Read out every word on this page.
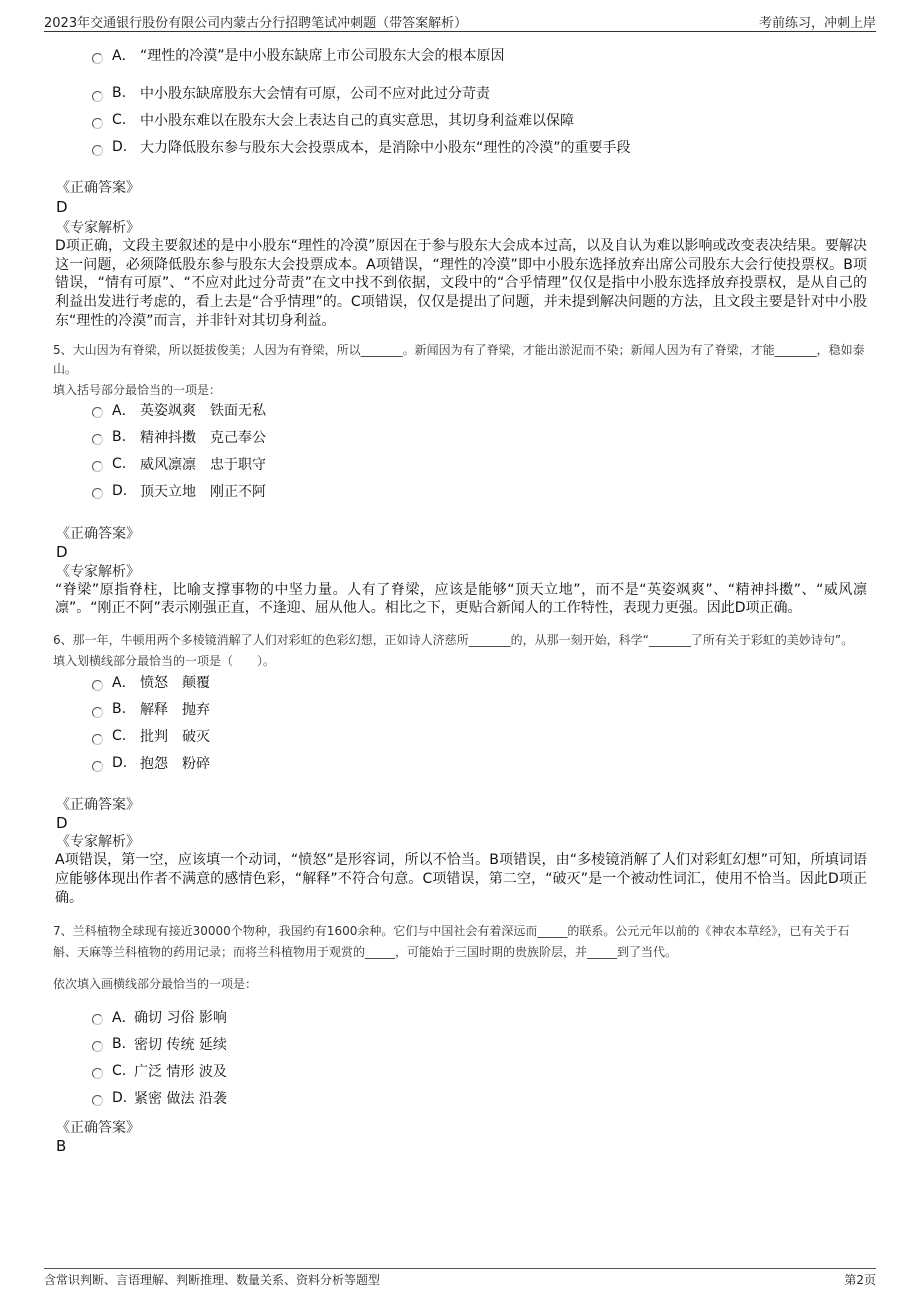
2023年交通银行股份有限公司内蒙古分行招聘笔试冲刺题（带答案解析）	考前练习，冲刺上岸
A． “理性的冷漠”是中小股东缺席上市公司股东大会的根本原因
B. 中小股东缺席股东大会情有可原，公司不应对此过分苛责
C. 中小股东难以在股东大会上表达自己的真实意思，其切身利益难以保障
D. 大力降低股东参与股东大会投票成本，是消除中小股东“理性的冷漠”的重要手段
《正确答案》
D
《专家解析》
D项正确，文段主要叙述的是中小股东“理性的冷漠”原因在于参与股东大会成本过高，以及自认为难以影响或改变表决结果。要解决这一问题，必须降低股东参与股东大会投票成本。A项错误，“理性的冷漠”即中小股东选择放弃出席公司股东大会行使投票权。B项错误，“情有可原”、“不应对此过分苛责”在文中找不到依据，文段中的“合乎情理”仅仅是指中小股东选择放弃投票权，是从自己的利益出发进行考虑的，看上去是“合乎情理”的。C项错误，仅仅是提出了问题，并未提到解决问题的方法，且文段主要是针对中小股东“理性的冷漠”而言，并非针对其切身利益。
5、大山因为有脊梁，所以挺拔俊美；人因为有脊梁，所以_______。新闻因为有了脊梁，才能出淤泥而不染；新闻人因为有了脊梁，才能_______，稳如泰山。
填入括号部分最恰当的一项是：
A． 英姿飒爽　铁面无私
B. 精神抖擞　克己奉公
C. 威风凛凛　忠于职守
D. 顶天立地　刚正不阿
《正确答案》
D
《专家解析》
“脊梁”原指脊柱，比喻支撑事物的中坚力量。人有了脊梁，应该是能够“顶天立地”，而不是“英姿飒爽”、“精神抖擞”、“威风凛凛”。“刚正不阿”表示刚强正直，不逢迎、屈从他人。相比之下，更贴合新闻人的工作特性，表现力更强。因此D项正确。
6、那一年，牛顿用两个多棱镜消解了人们对彩虹的色彩幻想，正如诗人济慈所_______的，从那一刻开始，科学“_______了所有关于彩虹的美妙诗句”。
填入划横线部分最恰当的一项是（　　）。
A． 愤怒　颠覆
B. 解释　抛弃
C. 批判　破灭
D. 抱怨　粉碎
《正确答案》
D
《专家解析》
A项错误，第一空，应该填一个动词，“愤怒”是形容词，所以不恰当。B项错误，由“多棱镜消解了人们对彩虹幻想”可知，所填词语应能够体现出作者不满意的感情色彩，“解释”不符合句意。C项错误，第二空，“破灭”是一个被动性词汇，使用不恰当。因此D项正确。
7、兰科植物全球现有接近30000个物种，我国约有1600余种。它们与中国社会有着深远而_____的联系。公元元年以前的《神农本草经》，已有关于石斛、天麻等兰科植物的药用记录；而将兰科植物用于观赏的_____，可能始于三国时期的贵族阶层，并_____到了当代。
依次填入画横线部分最恰当的一项是：
A．
确切 习俗 影响
B. 密切 传统 延续
C. 广泛 情形 波及
D. 紧密 做法 沿袭
《正确答案》
B
含常识判断、言语理解、判断推理、数量关系、资料分析等题型	第2页
